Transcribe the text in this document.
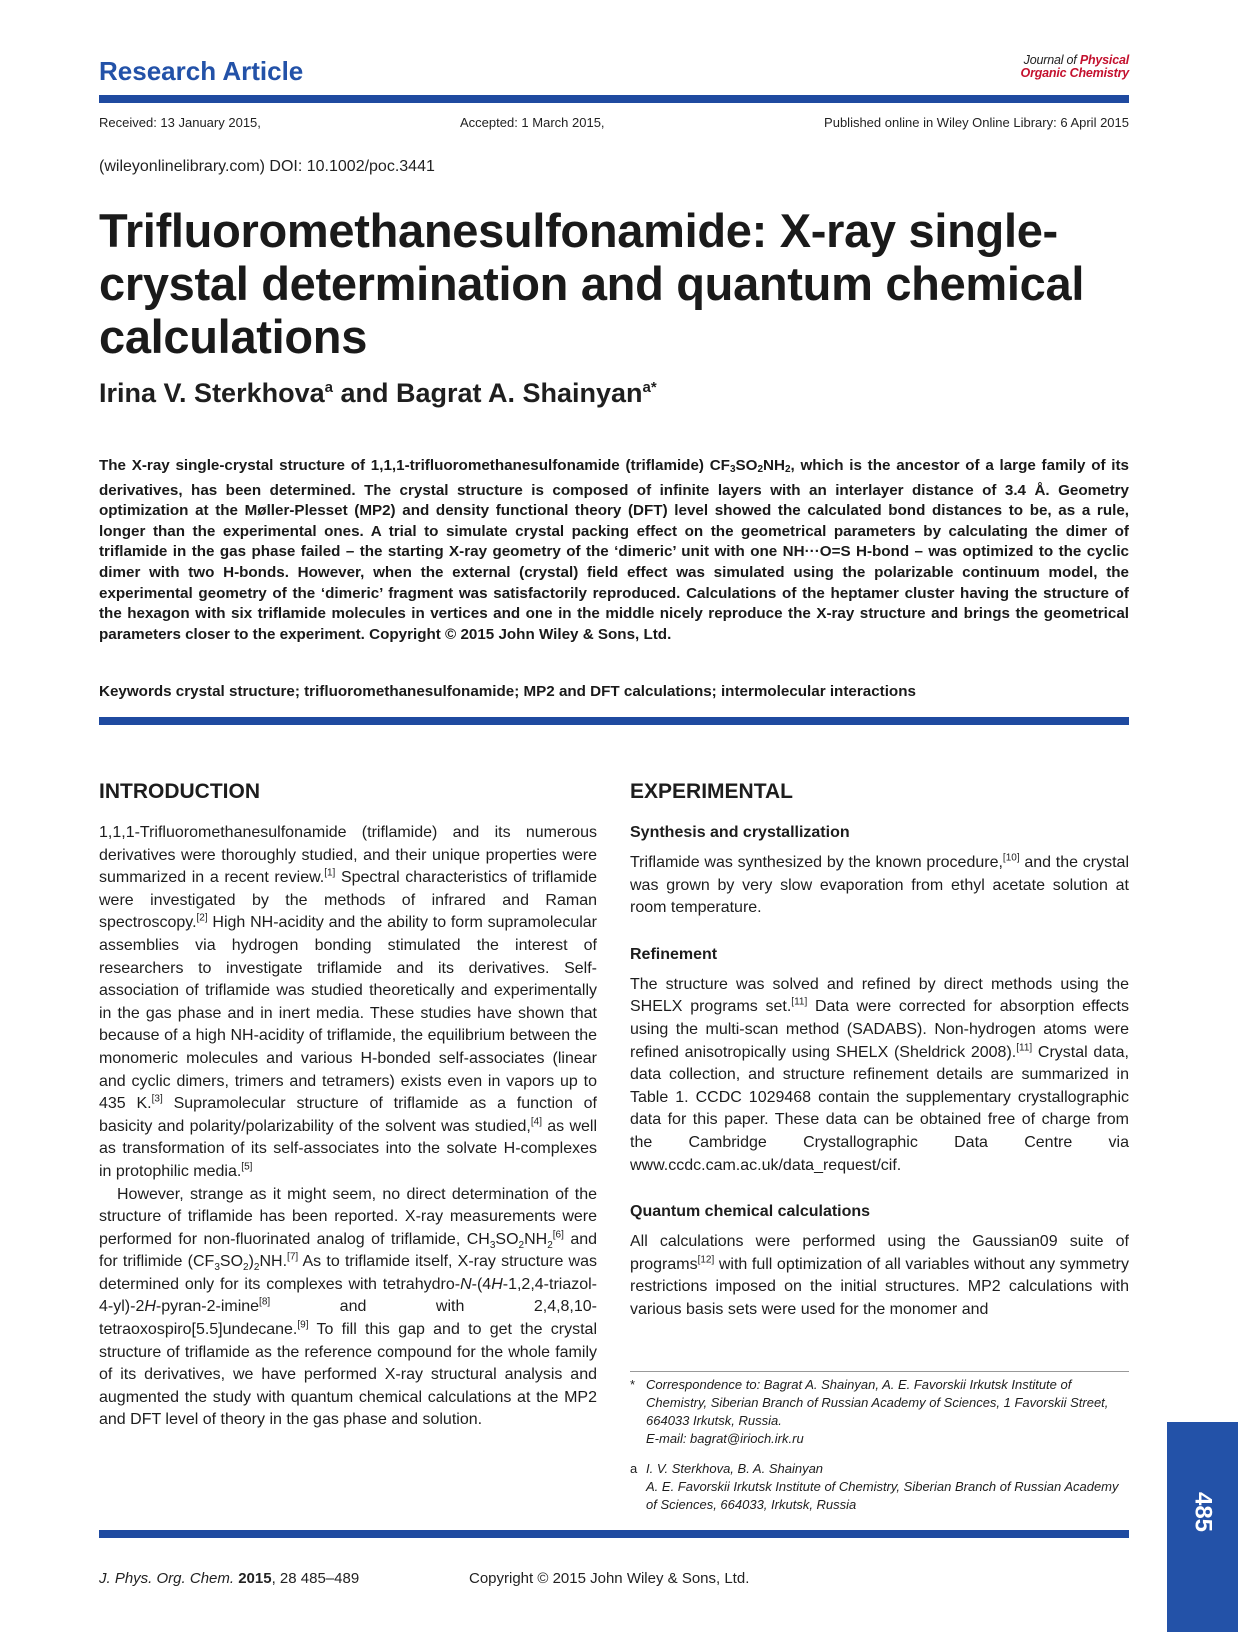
Research Article	Journal of Physical
Organic Chemistry
Received: 13 January 2015,	Accepted: 1 March 2015,	Published online in Wiley Online Library: 6 April 2015
(wileyonlinelibrary.com) DOI: 10.1002/poc.3441
Trifluoromethanesulfonamide: X-ray single-crystal determination and quantum chemical calculations
Irina V. Sterkhova$^a$ and Bagrat A. Shainyan$^{a*}$
The X-ray single-crystal structure of 1,1,1-trifluoromethanesulfonamide (triflamide) $CF_3SO_2NH_2$, which is the ancestor of a large family of its derivatives, has been determined. The crystal structure is composed of infinite layers with an interlayer distance of 3.4 Å. Geometry optimization at the Møller-Plesset (MP2) and density functional theory (DFT) level showed the calculated bond distances to be, as a rule, longer than the experimental ones. A trial to simulate crystal packing effect on the geometrical parameters by calculating the dimer of triflamide in the gas phase failed – the starting X-ray geometry of the ‘dimeric’ unit with one NH···O=S H-bond – was optimized to the cyclic dimer with two H-bonds. However, when the external (crystal) field effect was simulated using the polarizable continuum model, the experimental geometry of the ‘dimeric’ fragment was satisfactorily reproduced. Calculations of the heptamer cluster having the structure of the hexagon with six triflamide molecules in vertices and one in the middle nicely reproduce the X-ray structure and brings the geometrical parameters closer to the experiment. Copyright © 2015 John Wiley & Sons, Ltd.
Keywords crystal structure; trifluoromethanesulfonamide; MP2 and DFT calculations; intermolecular interactions
INTRODUCTION

1,1,1-Trifluoromethanesulfonamide (triflamide) and its numerous derivatives were thoroughly studied, and their unique properties were summarized in a recent review.[1] Spectral characteristics of triflamide were investigated by the methods of infrared and Raman spectroscopy.[2] High NH-acidity and the ability to form supramolecular assemblies via hydrogen bonding stimulated the interest of researchers to investigate triflamide and its derivatives. Self-association of triflamide was studied theoretically and experimentally in the gas phase and in inert media. These studies have shown that because of a high NH-acidity of triflamide, the equilibrium between the monomeric molecules and various H-bonded self-associates (linear and cyclic dimers, trimers and tetramers) exists even in vapors up to 435 K.[3] Supramolecular structure of triflamide as a function of basicity and polarity/polarizability of the solvent was studied,[4] as well as transformation of its self-associates into the solvate H-complexes in protophilic media.[5]

However, strange as it might seem, no direct determination of the structure of triflamide has been reported. X-ray measurements were performed for non-fluorinated analog of triflamide, $CH_3SO_2NH_2[6]$ and for triflimide $(CF_3SO_2)_2NH.[7]$ As to triflamide itself, X-ray structure was determined only for its complexes with tetrahydro-N-(4H-1,2,4-triazol-4-yl)-2H-pyran-2-imine[8] and with 2,4,8,10-tetraoxospiro[5.5]undecane.[9] To fill this gap and to get the crystal structure of triflamide as the reference compound for the whole family of its derivatives, we have performed X-ray structural analysis and augmented the study with quantum chemical calculations at the MP2 and DFT level of theory in the gas phase and solution.

EXPERIMENTAL
Synthesis and crystallization

Triflamide was synthesized by the known procedure,[10] and the crystal was grown by very slow evaporation from ethyl acetate solution at room temperature.

Refinement

The structure was solved and refined by direct methods using the SHELX programs set.[11] Data were corrected for absorption effects using the multi-scan method (SADABS). Non-hydrogen atoms were refined anisotropically using SHELX (Sheldrick 2008).[11] Crystal data, data collection, and structure refinement details are summarized in Table 1. CCDC 1029468 contain the supplementary crystallographic data for this paper. These data can be obtained free of charge from the Cambridge Crystallographic Data Centre via www.ccdc.cam.ac.uk/data_request/cif.

Quantum chemical calculations

All calculations were performed using the Gaussian09 suite of programs[12] with full optimization of all variables without any symmetry restrictions imposed on the initial structures. MP2 calculations with various basis sets were used for the monomer and

* Correspondence to: Bagrat A. Shainyan, A. E. Favorskii Irkutsk Institute of Chemistry, Siberian Branch of Russian Academy of Sciences, 1 Favorskii Street, 664033 Irkutsk, Russia.
E-mail: bagrat@irioch.irk.ru
a I. V. Sterkhova, B. A. Shainyan
A. E. Favorskii Irkutsk Institute of Chemistry, Siberian Branch of Russian Academy of Sciences, 664033, Irkutsk, Russia	485
J. Phys. Org. Chem. 2015, 28 485–489	Copyright © 2015 John Wiley & Sons, Ltd.
